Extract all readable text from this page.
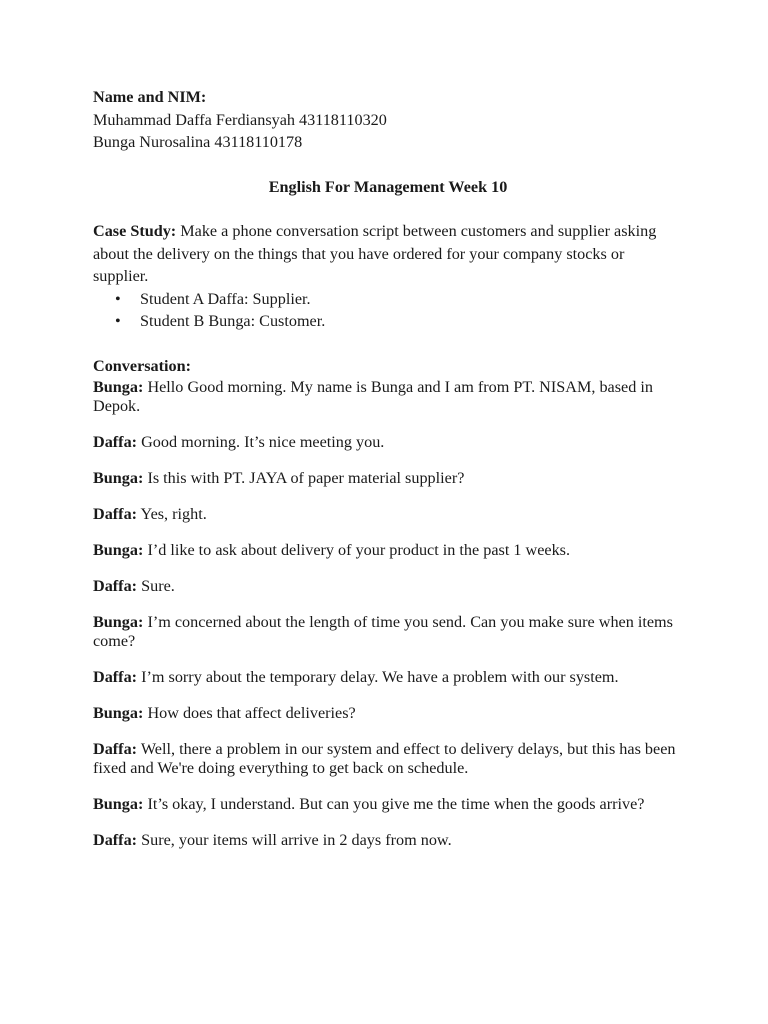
Name and NIM:

Muhammad Daffa Ferdiansyah 43118110320

Bunga Nurosalina 43118110178

English For Management Week 10

Case Study: Make a phone conversation script between customers and supplier asking about the delivery on the things that you have ordered for your company stocks or supplier.

• Student A Daffa: Supplier.
• Student B Bunga: Customer.

Conversation:

Bunga: Hello Good morning. My name is Bunga and I am from PT. NISAM, based in Depok.

Daffa: Good morning. It’s nice meeting you.

Bunga: Is this with PT. JAYA of paper material supplier?

Daffa: Yes, right.

Bunga: I’d like to ask about delivery of your product in the past 1 weeks.

Daffa: Sure.

Bunga: I’m concerned about the length of time you send. Can you make sure when items come?

Daffa: I’m sorry about the temporary delay. We have a problem with our system.

Bunga: How does that affect deliveries?

Daffa: Well, there a problem in our system and effect to delivery delays, but this has been fixed and We're doing everything to get back on schedule.

Bunga: It’s okay, I understand. But can you give me the time when the goods arrive?

Daffa: Sure, your items will arrive in 2 days from now.
